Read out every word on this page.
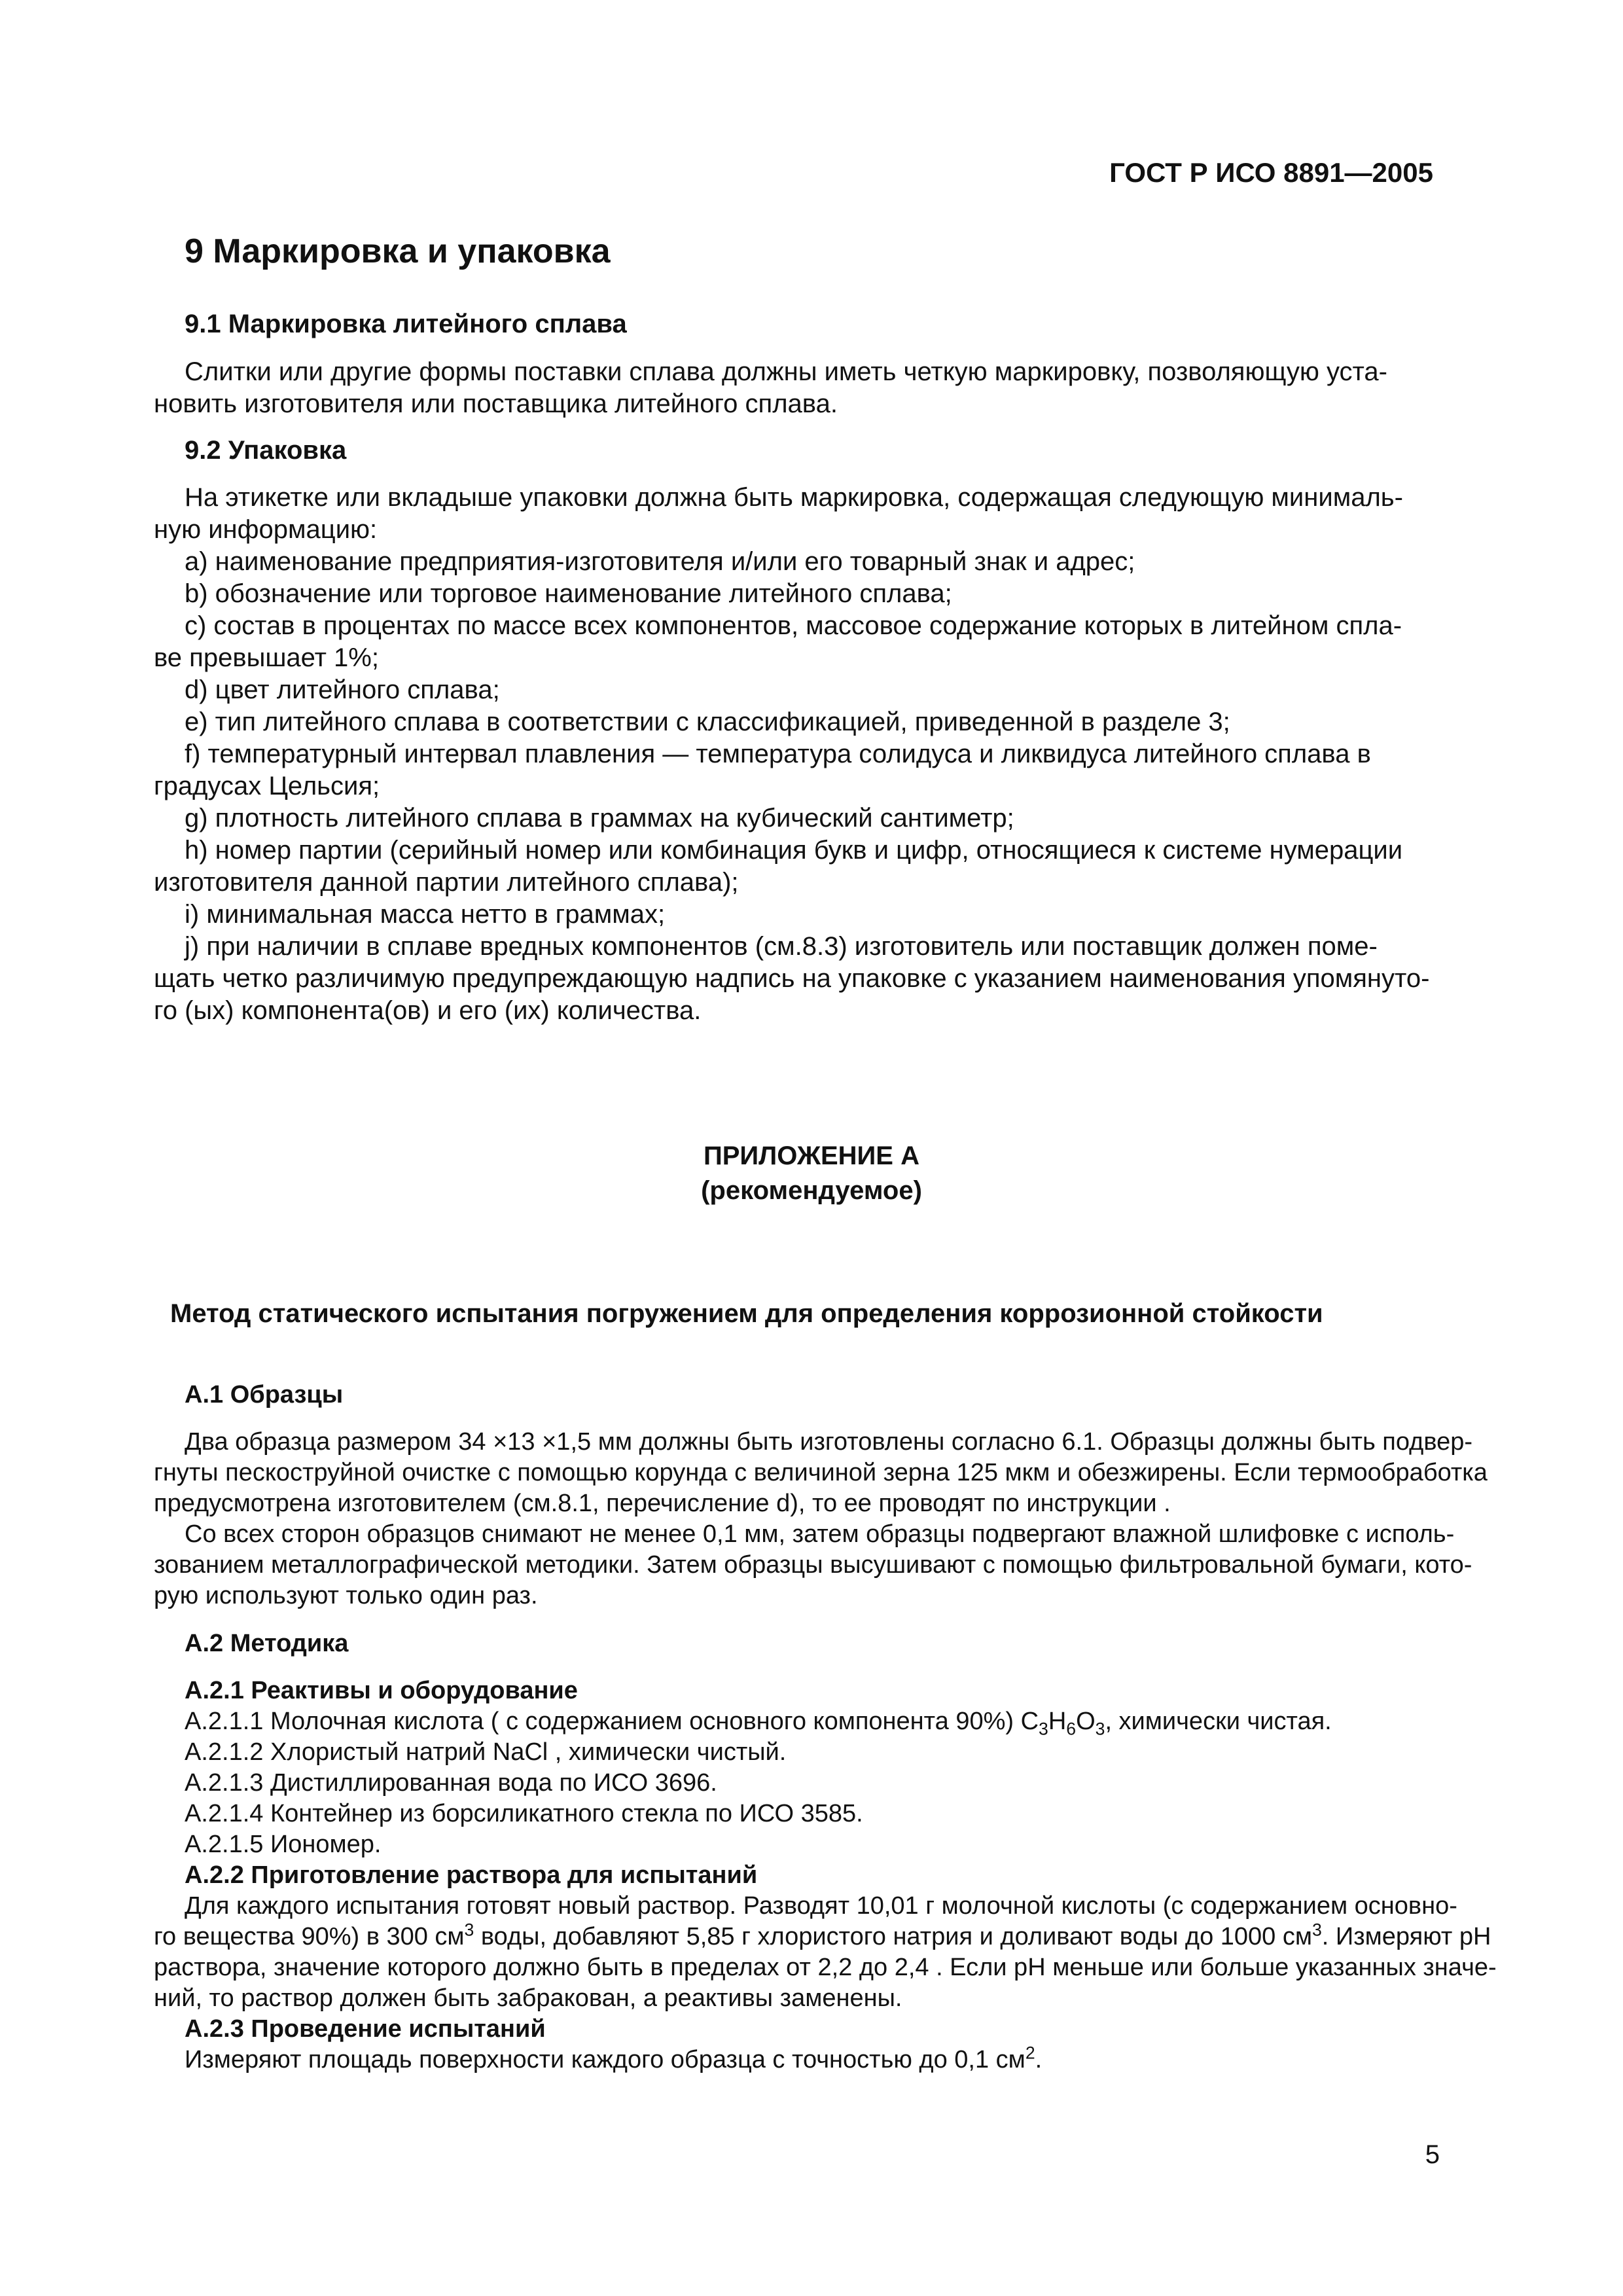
ГОСТ Р ИСО 8891—2005
9 Маркировка и упаковка
9.1 Маркировка литейного сплава
Слитки или другие формы поставки сплава должны иметь четкую маркировку, позволяющую уста-
новить изготовителя или поставщика литейного сплава.
9.2 Упаковка
На этикетке или вкладыше упаковки должна быть маркировка, содержащая следующую минималь-
ную информацию:
a) наименование предприятия-изготовителя и/или его товарный знак и адрес;
b) обозначение или торговое наименование литейного сплава;
c) состав в процентах по массе всех компонентов, массовое содержание которых в литейном спла-
ве превышает 1%;
d) цвет литейного сплава;
e) тип литейного сплава в соответствии с классификацией, приведенной в разделе 3;
f) температурный интервал плавления — температура солидуса и ликвидуса литейного сплава в
градусах Цельсия;
g) плотность литейного сплава в граммах на кубический сантиметр;
h) номер партии (серийный номер или комбинация букв и цифр, относящиеся к системе нумерации
изготовителя данной партии литейного сплава);
i) минимальная масса нетто в граммах;
j) при наличии в сплаве вредных компонентов (см.8.3) изготовитель или поставщик должен поме-
щать четко различимую предупреждающую надпись на упаковке с указанием наименования упомянуто-
го (ых) компонента(ов) и его (их) количества.
ПРИЛОЖЕНИЕ А
(рекомендуемое)
Метод статического испытания погружением для определения коррозионной стойкости
А.1 Образцы
Два образца размером 34 ×13 ×1,5 мм должны быть изготовлены согласно 6.1. Образцы должны быть подвер-
гнуты пескоструйной очистке с помощью корунда с величиной зерна 125 мкм и обезжирены. Если термообработка
предусмотрена изготовителем (см.8.1, перечисление d), то ее проводят по инструкции .
Со всех сторон образцов снимают не менее 0,1 мм, затем образцы подвергают влажной шлифовке с исполь-
зованием металлографической методики. Затем образцы высушивают с помощью фильтровальной бумаги, кото-
рую используют только один раз.
А.2 Методика
А.2.1 Реактивы и оборудование
А.2.1.1 Молочная кислота ( с содержанием основного компонента 90%) $C_3H_6O_3$, химически чистая.
А.2.1.2 Хлористый натрий NaCl , химически чистый.
А.2.1.3 Дистиллированная вода по ИСО 3696.
А.2.1.4 Контейнер из борсиликатного стекла по ИСО 3585.
А.2.1.5 Иономер.
А.2.2 Приготовление раствора для испытаний
Для каждого испытания готовят новый раствор. Разводят 10,01 г молочной кислоты (с содержанием основно-
го вещества 90%) в 300 $см^3$ воды, добавляют 5,85 г хлористого натрия и доливают воды до 1000 $см^3$. Измеряют pH
раствора, значение которого должно быть в пределах от 2,2 до 2,4 . Если pH меньше или больше указанных значе-
ний, то раствор должен быть забракован, а реактивы заменены.
А.2.3 Проведение испытаний
Измеряют площадь поверхности каждого образца с точностью до 0,1 $см^2$.
5
